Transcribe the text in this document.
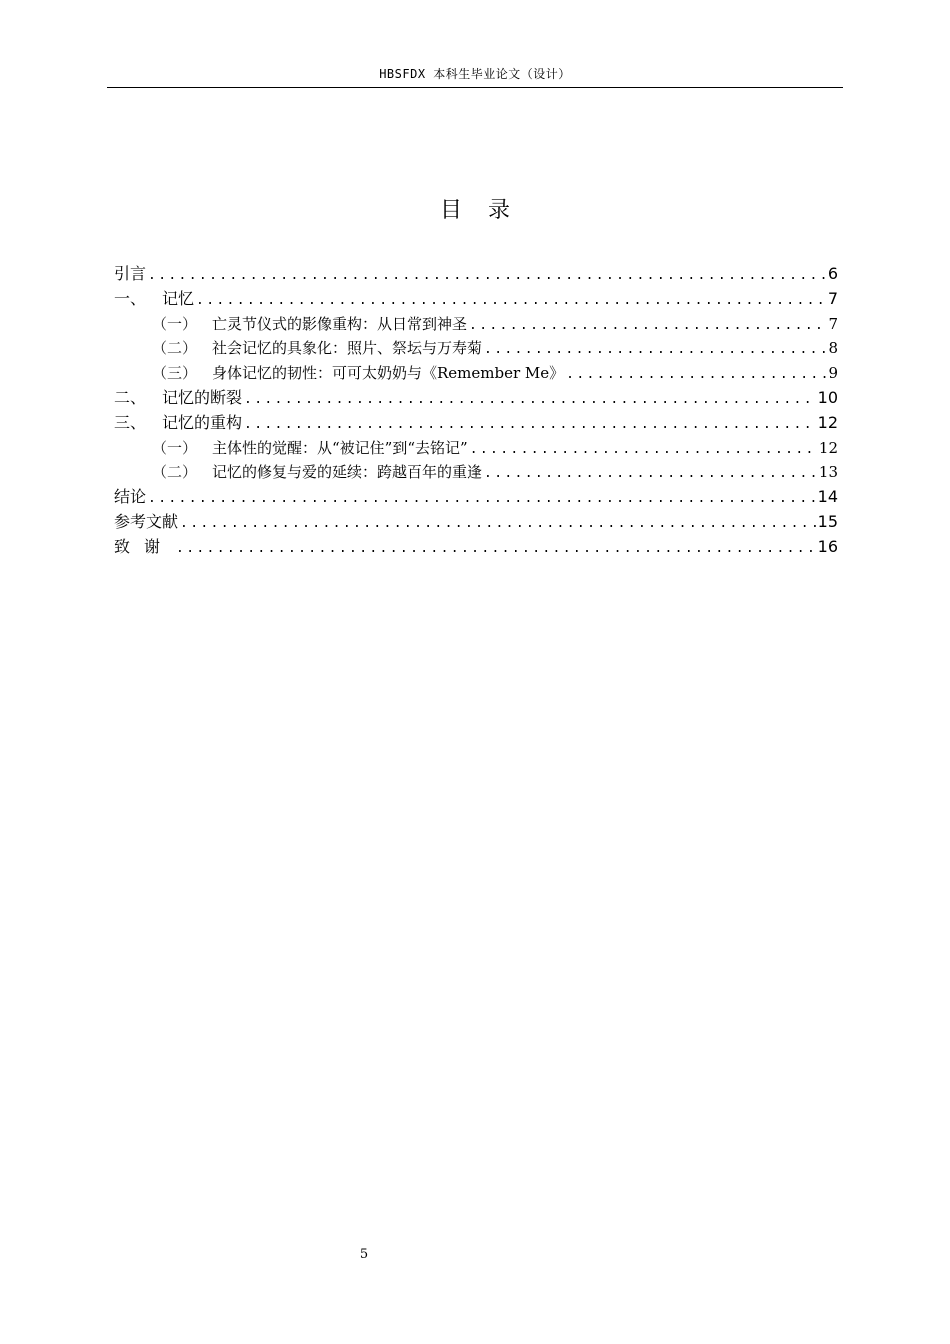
HBSFDX 本科生毕业论文（设计）
目录
引言 .....	6
一、 记忆 .....	7
（一） 亡灵节仪式的影像重构：从日常到神圣 .....	7
（二） 社会记忆的具象化：照片、祭坛与万寿菊 .....	8
（三） 身体记忆的韧性：可可太奶奶与《Remember Me》 .....	9
二、 记忆的断裂 .....	10
三、 记忆的重构 .....	12
（一） 主体性的觉醒：从“被记住”到“去铭记” .....	12
（二） 记忆的修复与爱的延续：跨越百年的重逢 .....	13
结论 .....	14
参考文献 .....	15
致谢 .....	16
5
